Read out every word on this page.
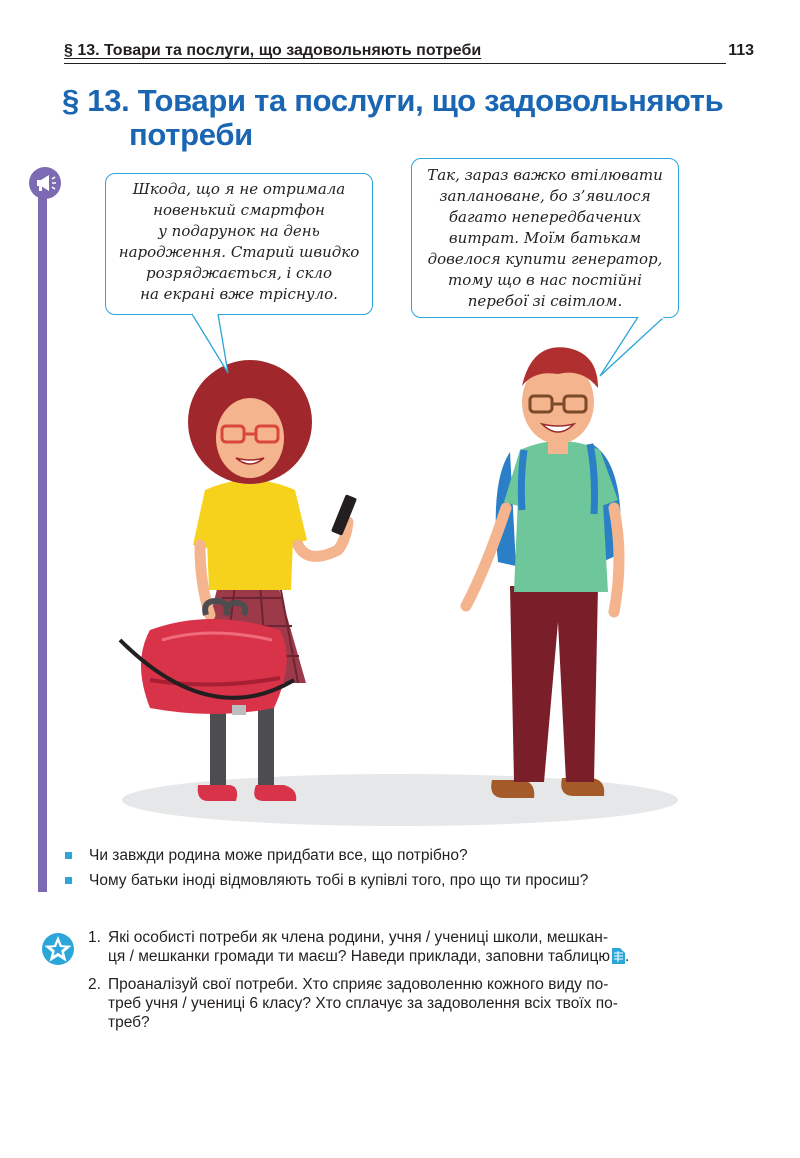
§ 13. Товари та послуги, що задовольняють потреби	113
§ 13. Товари та послуги, що задовольняють
потреби
Шкода, що я не отримала
новенький смартфон
у подарунок на день
народження. Старий швидко
розряджається, і скло
на екрані вже тріснуло.
Так, зараз важко втілювати
заплановане, бо з’явилося
багато непередбачених
витрат. Моїм батькам
довелося купити генератор,
тому що в нас постійні
перебої зі світлом.
Чи завжди родина може придбати все, що потрібно?
Чому батьки іноді відмовляють тобі в купівлі того, про що ти просиш?
1. Які особисті потреби як члена родини, учня / учениці школи, мешкан-
ця / мешканки громади ти маєш? Наведи приклади, заповни таблицю .
2. Проаналізуй свої потреби. Хто сприяє задоволенню кожного виду по-
треб учня / учениці 6 класу? Хто сплачує за задоволення всіх твоїх по-
треб?
